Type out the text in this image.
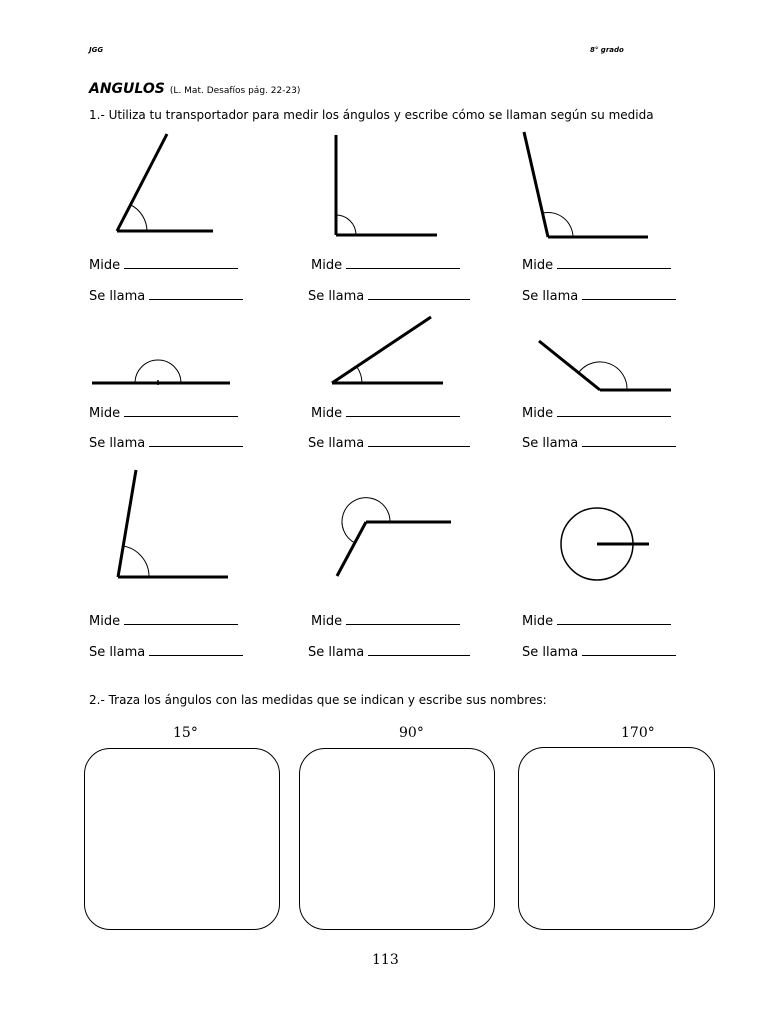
JGG	8° grado
ANGULOS (L. Mat. Desafíos pág. 22-23)
1.- Utiliza tu transportador para medir los ángulos y escribe cómo se llaman según su medida
Mide
Se llama
Mide
Se llama
Mide
Se llama
Mide
Se llama
Mide
Se llama
Mide
Se llama
Mide
Se llama
Mide
Se llama
Mide
Se llama
2.- Traza los ángulos con las medidas que se indican y escribe sus nombres:
15°	90°	170°
113
